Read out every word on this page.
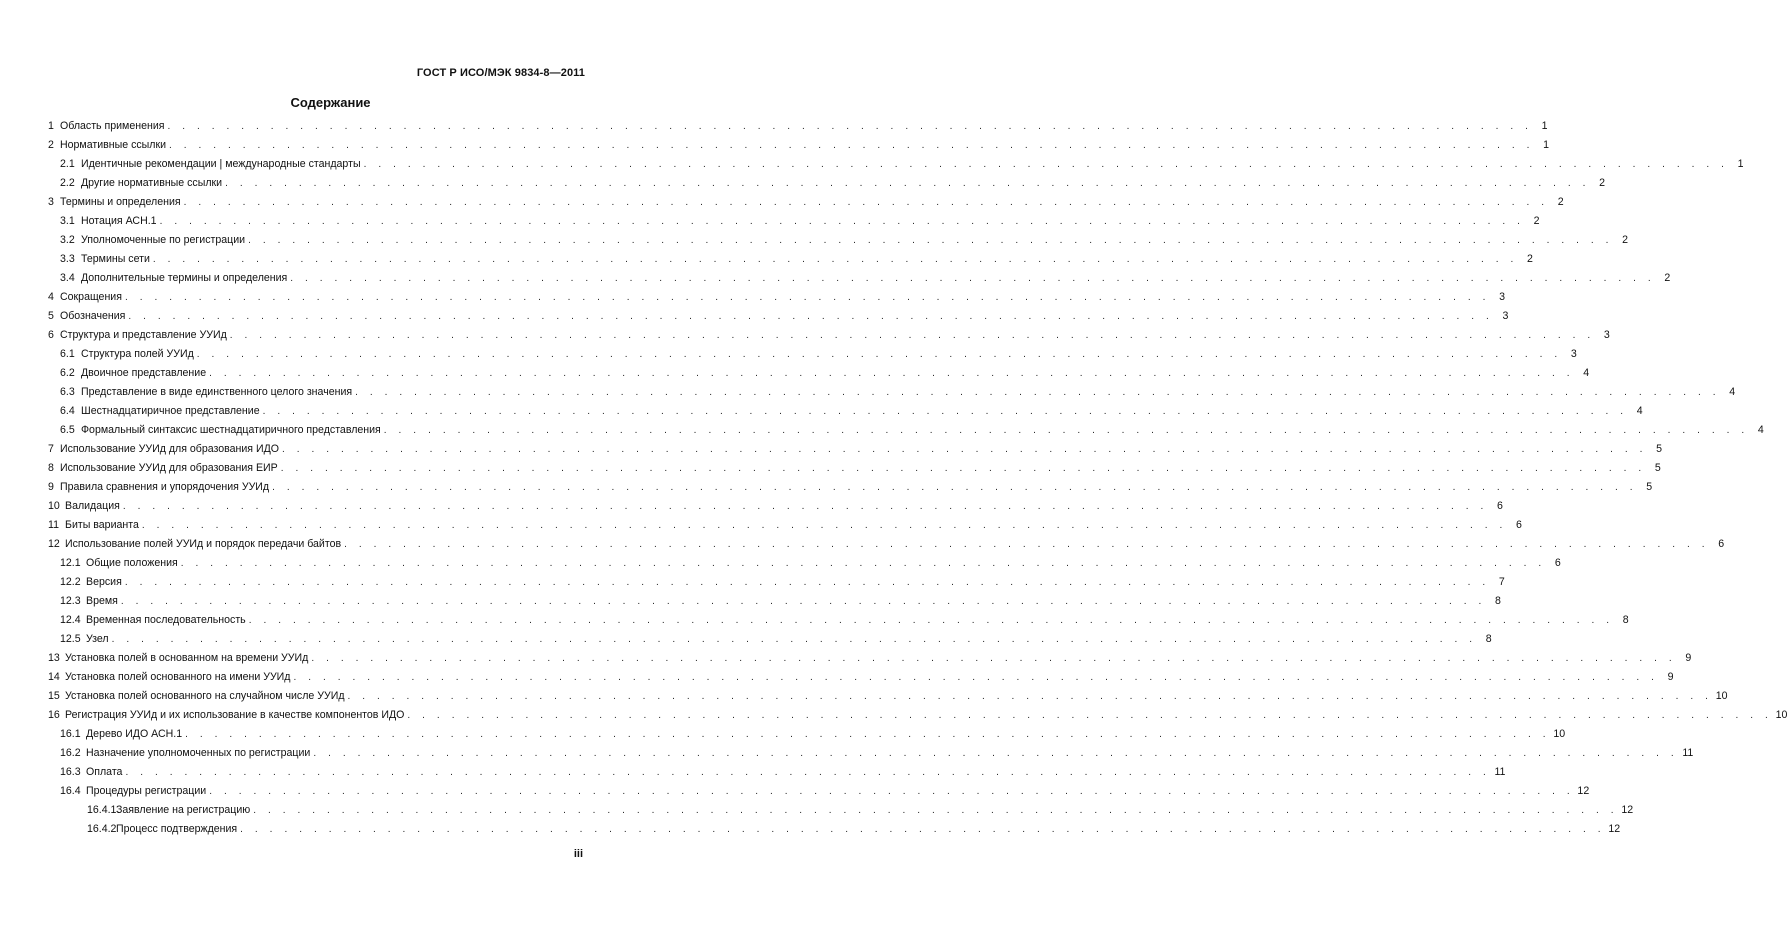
ГОСТ Р ИСО/МЭК 9834-8—2011
Содержание
1 Область применения . . . . . . . . . . . . . . . . . . . . . . . . . . . . . . . . . . . . . . . . . . . . . . . . . . . . . . . . . . . . . . . . . . . . . . . . . . . . . . . . . . . . . . . . . . . . . 1
2 Нормативные ссылки . . . . . . . . . . . . . . . . . . . . . . . . . . . . . . . . . . . . . . . . . . . . . . . . . . . . . . . . . . . . . . . . . . . . . . . . . . . . . . . . . . . . . . . . . . . . . 1
2.1 Идентичные рекомендации | международные стандарты . . . . . . . . . . . . . . . . . . . . . . . . . . . . . . . . . . . . . . . . . . . . . . . . . . . . . . . . . . . . . . . . . . . . . . . . . . . . . . . . . . . . . . . . . . . . . 1
2.2 Другие нормативные ссылки . . . . . . . . . . . . . . . . . . . . . . . . . . . . . . . . . . . . . . . . . . . . . . . . . . . . . . . . . . . . . . . . . . . . . . . . . . . . . . . . . . . . . . . . . . . . . 2
3 Термины и определения . . . . . . . . . . . . . . . . . . . . . . . . . . . . . . . . . . . . . . . . . . . . . . . . . . . . . . . . . . . . . . . . . . . . . . . . . . . . . . . . . . . . . . . . . . . . . 2
3.1 Нотация АСН.1 . . . . . . . . . . . . . . . . . . . . . . . . . . . . . . . . . . . . . . . . . . . . . . . . . . . . . . . . . . . . . . . . . . . . . . . . . . . . . . . . . . . . . . . . . . . . . 2
3.2 Уполномоченные по регистрации . . . . . . . . . . . . . . . . . . . . . . . . . . . . . . . . . . . . . . . . . . . . . . . . . . . . . . . . . . . . . . . . . . . . . . . . . . . . . . . . . . . . . . . . . . . . . 2
3.3 Термины сети . . . . . . . . . . . . . . . . . . . . . . . . . . . . . . . . . . . . . . . . . . . . . . . . . . . . . . . . . . . . . . . . . . . . . . . . . . . . . . . . . . . . . . . . . . . . . 2
3.4 Дополнительные термины и определения . . . . . . . . . . . . . . . . . . . . . . . . . . . . . . . . . . . . . . . . . . . . . . . . . . . . . . . . . . . . . . . . . . . . . . . . . . . . . . . . . . . . . . . . . . . . . 2
4 Сокращения . . . . . . . . . . . . . . . . . . . . . . . . . . . . . . . . . . . . . . . . . . . . . . . . . . . . . . . . . . . . . . . . . . . . . . . . . . . . . . . . . . . . . . . . . . . . . 3
5 Обозначения . . . . . . . . . . . . . . . . . . . . . . . . . . . . . . . . . . . . . . . . . . . . . . . . . . . . . . . . . . . . . . . . . . . . . . . . . . . . . . . . . . . . . . . . . . . . . 3
6 Структура и представление УУИд . . . . . . . . . . . . . . . . . . . . . . . . . . . . . . . . . . . . . . . . . . . . . . . . . . . . . . . . . . . . . . . . . . . . . . . . . . . . . . . . . . . . . . . . . . . . . 3
6.1 Структура полей УУИд . . . . . . . . . . . . . . . . . . . . . . . . . . . . . . . . . . . . . . . . . . . . . . . . . . . . . . . . . . . . . . . . . . . . . . . . . . . . . . . . . . . . . . . . . . . . . 3
6.2 Двоичное представление . . . . . . . . . . . . . . . . . . . . . . . . . . . . . . . . . . . . . . . . . . . . . . . . . . . . . . . . . . . . . . . . . . . . . . . . . . . . . . . . . . . . . . . . . . . . . 4
6.3 Представление в виде единственного целого значения . . . . . . . . . . . . . . . . . . . . . . . . . . . . . . . . . . . . . . . . . . . . . . . . . . . . . . . . . . . . . . . . . . . . . . . . . . . . . . . . . . . . . . . . . . . . . 4
6.4 Шестнадцатиричное представление . . . . . . . . . . . . . . . . . . . . . . . . . . . . . . . . . . . . . . . . . . . . . . . . . . . . . . . . . . . . . . . . . . . . . . . . . . . . . . . . . . . . . . . . . . . . . 4
6.5 Формальный синтаксис шестнадцатиричного представления . . . . . . . . . . . . . . . . . . . . . . . . . . . . . . . . . . . . . . . . . . . . . . . . . . . . . . . . . . . . . . . . . . . . . . . . . . . . . . . . . . . . . . . . . . . . . 4
7 Использование УУИд для образования ИДО . . . . . . . . . . . . . . . . . . . . . . . . . . . . . . . . . . . . . . . . . . . . . . . . . . . . . . . . . . . . . . . . . . . . . . . . . . . . . . . . . . . . . . . . . . . . . 5
8 Использование УУИд для образования ЕИР . . . . . . . . . . . . . . . . . . . . . . . . . . . . . . . . . . . . . . . . . . . . . . . . . . . . . . . . . . . . . . . . . . . . . . . . . . . . . . . . . . . . . . . . . . . . . 5
9 Правила сравнения и упорядочения УУИд . . . . . . . . . . . . . . . . . . . . . . . . . . . . . . . . . . . . . . . . . . . . . . . . . . . . . . . . . . . . . . . . . . . . . . . . . . . . . . . . . . . . . . . . . . . . . 5
10 Валидация . . . . . . . . . . . . . . . . . . . . . . . . . . . . . . . . . . . . . . . . . . . . . . . . . . . . . . . . . . . . . . . . . . . . . . . . . . . . . . . . . . . . . . . . . . . . . 6
11 Биты варианта . . . . . . . . . . . . . . . . . . . . . . . . . . . . . . . . . . . . . . . . . . . . . . . . . . . . . . . . . . . . . . . . . . . . . . . . . . . . . . . . . . . . . . . . . . . . . 6
12 Использование полей УУИд и порядок передачи байтов . . . . . . . . . . . . . . . . . . . . . . . . . . . . . . . . . . . . . . . . . . . . . . . . . . . . . . . . . . . . . . . . . . . . . . . . . . . . . . . . . . . . . . . . . . . . . 6
12.1 Общие положения . . . . . . . . . . . . . . . . . . . . . . . . . . . . . . . . . . . . . . . . . . . . . . . . . . . . . . . . . . . . . . . . . . . . . . . . . . . . . . . . . . . . . . . . . . . . . 6
12.2 Версия . . . . . . . . . . . . . . . . . . . . . . . . . . . . . . . . . . . . . . . . . . . . . . . . . . . . . . . . . . . . . . . . . . . . . . . . . . . . . . . . . . . . . . . . . . . . . 7
12.3 Время . . . . . . . . . . . . . . . . . . . . . . . . . . . . . . . . . . . . . . . . . . . . . . . . . . . . . . . . . . . . . . . . . . . . . . . . . . . . . . . . . . . . . . . . . . . . . 8
12.4 Временная последовательность . . . . . . . . . . . . . . . . . . . . . . . . . . . . . . . . . . . . . . . . . . . . . . . . . . . . . . . . . . . . . . . . . . . . . . . . . . . . . . . . . . . . . . . . . . . . . 8
12.5 Узел . . . . . . . . . . . . . . . . . . . . . . . . . . . . . . . . . . . . . . . . . . . . . . . . . . . . . . . . . . . . . . . . . . . . . . . . . . . . . . . . . . . . . . . . . . . . . 8
13 Установка полей в основанном на времени УУИд . . . . . . . . . . . . . . . . . . . . . . . . . . . . . . . . . . . . . . . . . . . . . . . . . . . . . . . . . . . . . . . . . . . . . . . . . . . . . . . . . . . . . . . . . . . . . 9
14 Установка полей основанного на имени УУИд . . . . . . . . . . . . . . . . . . . . . . . . . . . . . . . . . . . . . . . . . . . . . . . . . . . . . . . . . . . . . . . . . . . . . . . . . . . . . . . . . . . . . . . . . . . . . 9
15 Установка полей основанного на случайном числе УУИд . . . . . . . . . . . . . . . . . . . . . . . . . . . . . . . . . . . . . . . . . . . . . . . . . . . . . . . . . . . . . . . . . . . . . . . . . . . . . . . . . . . . . . . . . . . . . 10
16 Регистрация УУИд и их использование в качестве компонентов ИДО . . . . . . . . . . . . . . . . . . . . . . . . . . . . . . . . . . . . . . . . . . . . . . . . . . . . . . . . . . . . . . . . . . . . . . . . . . . . . . . . . . . . . . . . . . . . . 10
16.1 Дерево ИДО АСН.1 . . . . . . . . . . . . . . . . . . . . . . . . . . . . . . . . . . . . . . . . . . . . . . . . . . . . . . . . . . . . . . . . . . . . . . . . . . . . . . . . . . . . . . . . . . . . . 10
16.2 Назначение уполномоченных по регистрации . . . . . . . . . . . . . . . . . . . . . . . . . . . . . . . . . . . . . . . . . . . . . . . . . . . . . . . . . . . . . . . . . . . . . . . . . . . . . . . . . . . . . . . . . . . . . 11
16.3 Оплата . . . . . . . . . . . . . . . . . . . . . . . . . . . . . . . . . . . . . . . . . . . . . . . . . . . . . . . . . . . . . . . . . . . . . . . . . . . . . . . . . . . . . . . . . . . . . 11
16.4 Процедуры регистрации . . . . . . . . . . . . . . . . . . . . . . . . . . . . . . . . . . . . . . . . . . . . . . . . . . . . . . . . . . . . . . . . . . . . . . . . . . . . . . . . . . . . . . . . . . . . . 12
16.4.1 Заявление на регистрацию . . . . . . . . . . . . . . . . . . . . . . . . . . . . . . . . . . . . . . . . . . . . . . . . . . . . . . . . . . . . . . . . . . . . . . . . . . . . . . . . . . . . . . . . . . . . . 12
16.4.2 Процесс подтверждения . . . . . . . . . . . . . . . . . . . . . . . . . . . . . . . . . . . . . . . . . . . . . . . . . . . . . . . . . . . . . . . . . . . . . . . . . . . . . . . . . . . . . . . . . . . . . 12
iii
